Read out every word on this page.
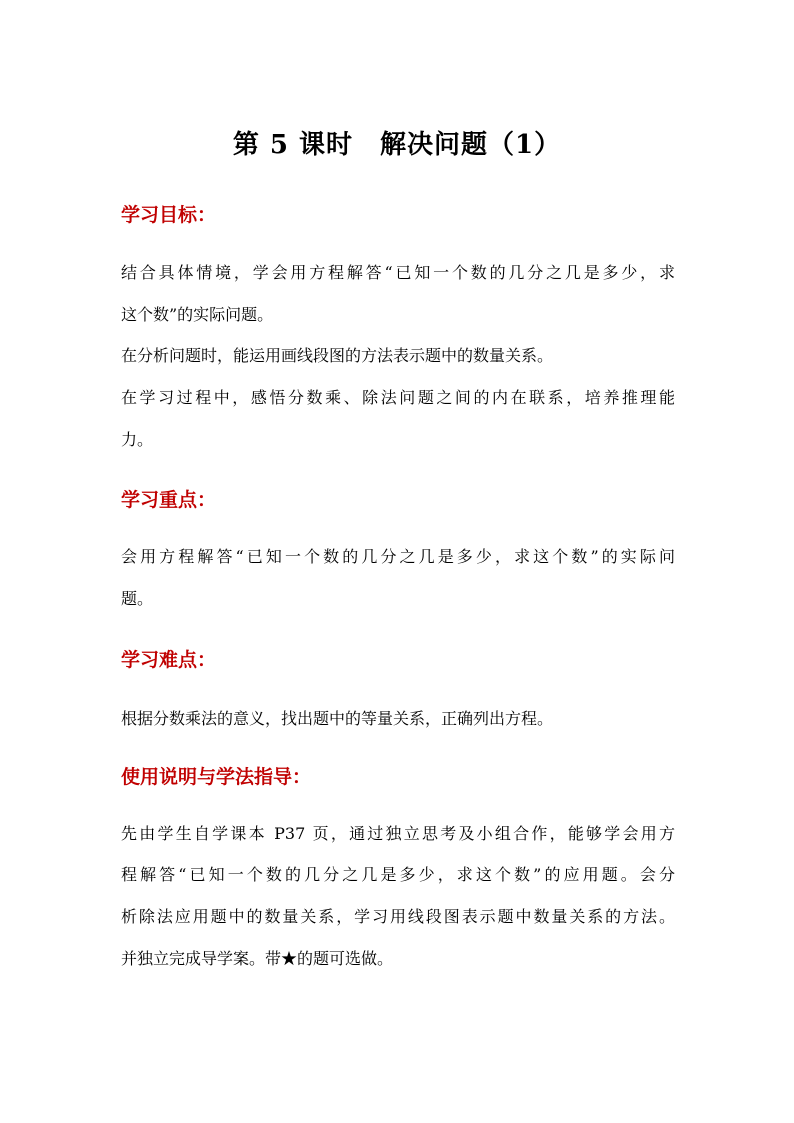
第 5 课时　解决问题（1）
学习目标：
结合具体情境，学会用方程解答“已知一个数的几分之几是多少，求
这个数”的实际问题。
在分析问题时，能运用画线段图的方法表示题中的数量关系。
在学习过程中，感悟分数乘、除法问题之间的内在联系，培养推理能
力。
学习重点：
会用方程解答“已知一个数的几分之几是多少，求这个数”的实际问
题。
学习难点：
根据分数乘法的意义，找出题中的等量关系，正确列出方程。
使用说明与学法指导：
先由学生自学课本 P37 页，通过独立思考及小组合作，能够学会用方
程解答“已知一个数的几分之几是多少，求这个数”的应用题。会分
析除法应用题中的数量关系，学习用线段图表示题中数量关系的方法。
并独立完成导学案。带★的题可选做。
